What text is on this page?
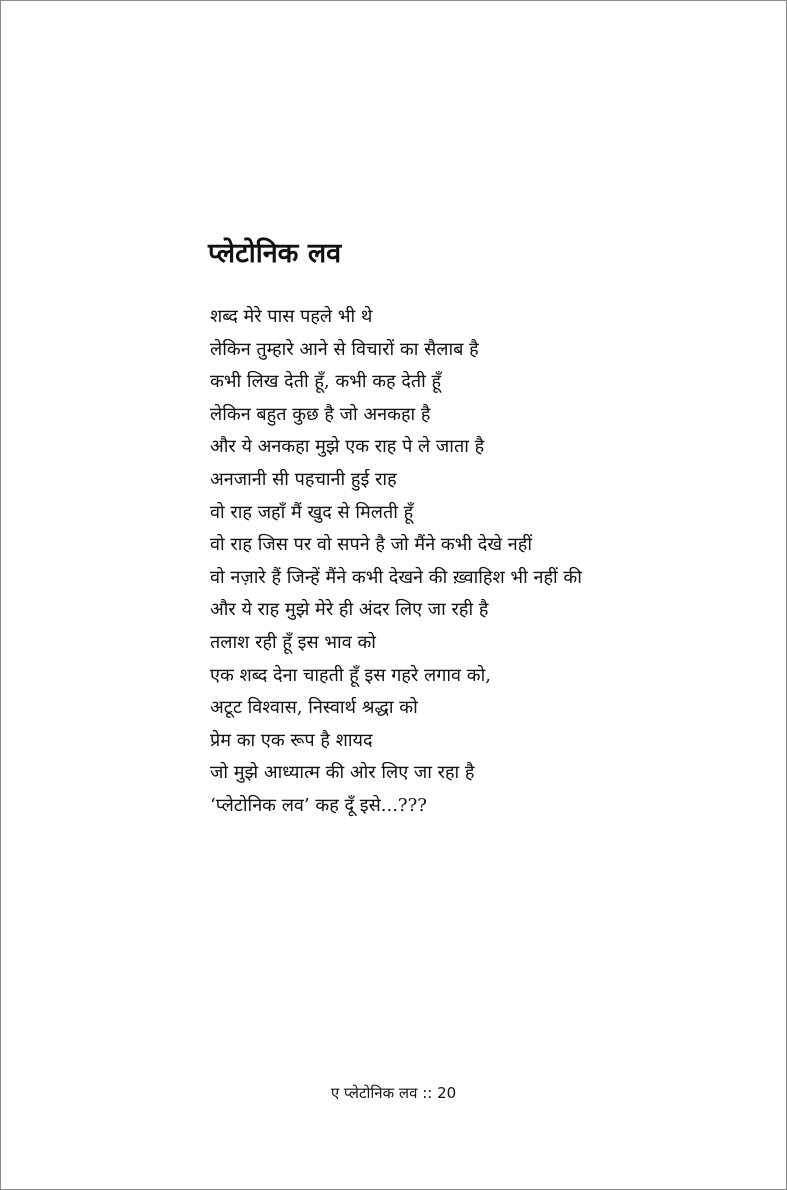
प्लेटोनिक लव
शब्द मेरे पास पहले भी थे
लेकिन तुम्हारे आने से विचारों का सैलाब है
कभी लिख देती हूँ, कभी कह देती हूँ
लेकिन बहुत कुछ है जो अनकहा है
और ये अनकहा मुझे एक राह पे ले जाता है
अनजानी सी पहचानी हुई राह
वो राह जहाँ मैं खुद से मिलती हूँ
वो राह जिस पर वो सपने है जो मैंने कभी देखे नहीं
वो नज़ारे हैं जिन्हें मैंने कभी देखने की ख़्वाहिश भी नहीं की
और ये राह मुझे मेरे ही अंदर लिए जा रही है
तलाश रही हूँ इस भाव को
एक शब्द देना चाहती हूँ इस गहरे लगाव को,
अटूट विश्वास, निस्वार्थ श्रद्धा को
प्रेम का एक रूप है शायद
जो मुझे आध्यात्म की ओर लिए जा रहा है
‘प्लेटोनिक लव’ कह दूँ इसे...???
ए प्लेटोनिक लव :: 20
